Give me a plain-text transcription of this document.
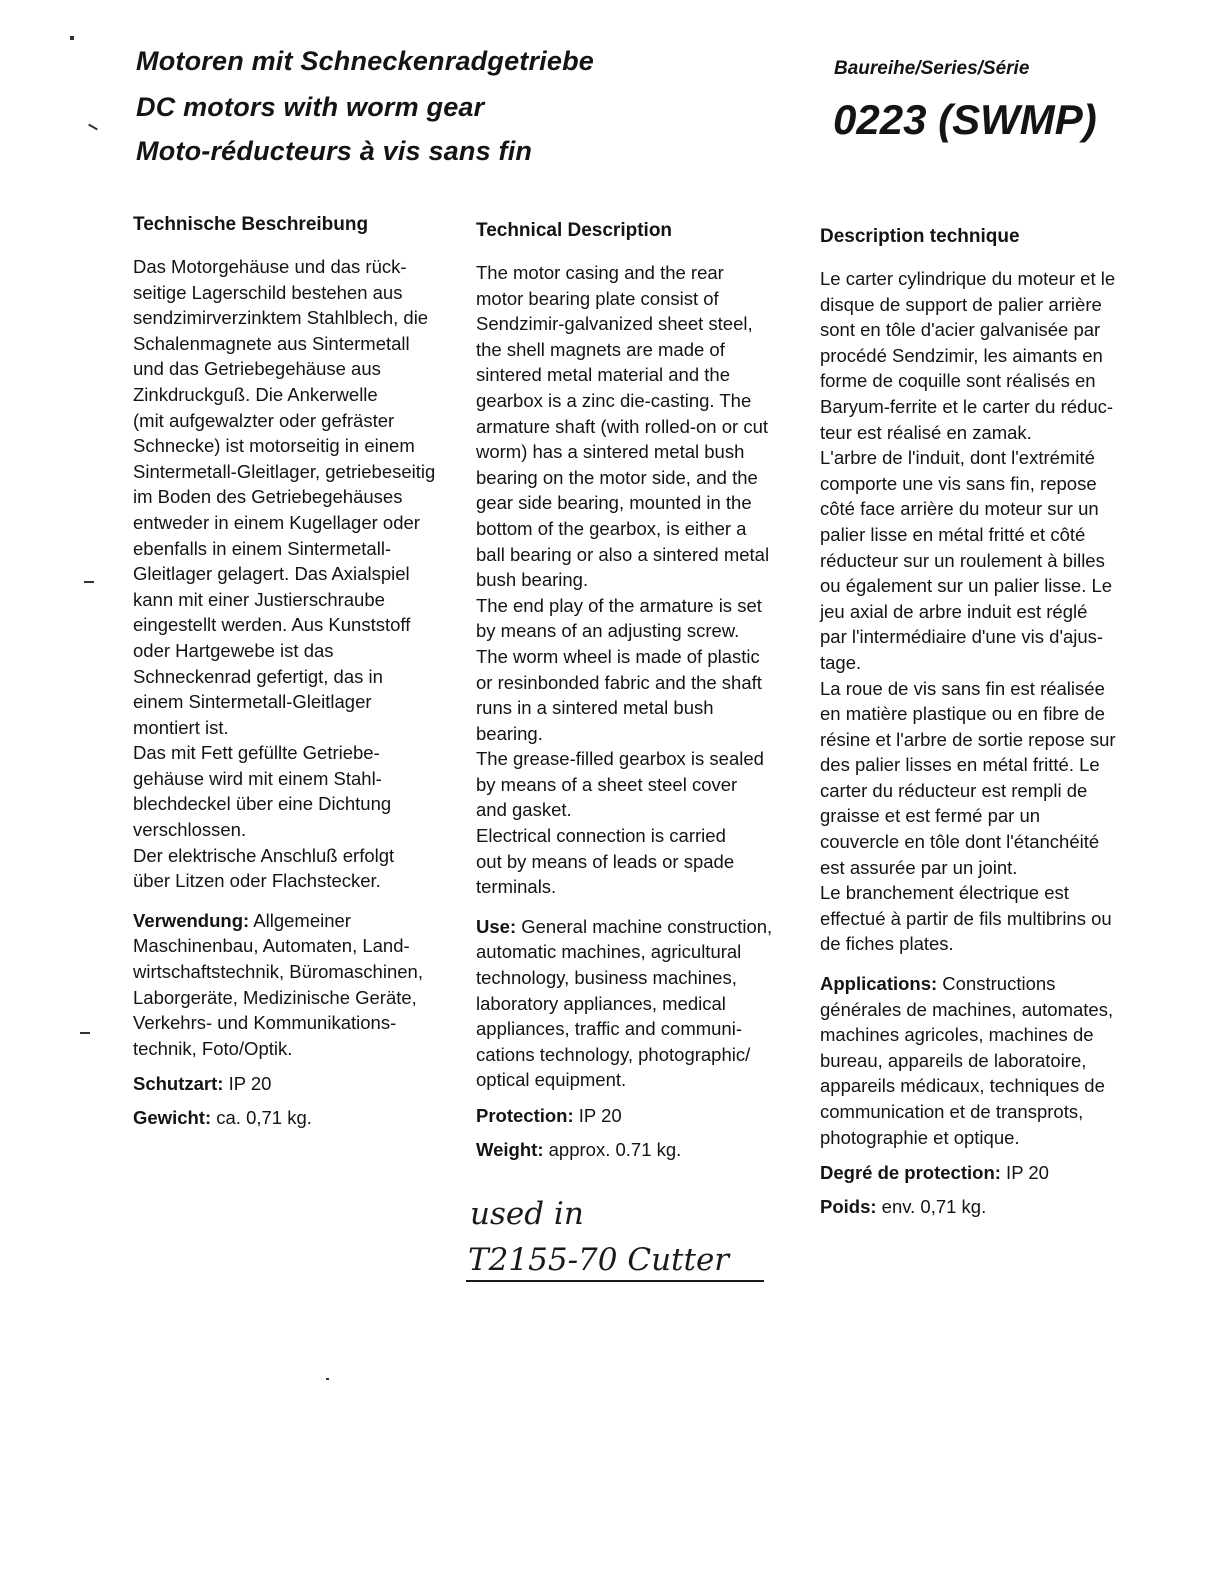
Motoren mit Schneckenradgetriebe
DC motors with worm gear
Moto-réducteurs à vis sans fin
Baureihe/Series/Série
0223 (SWMP)
Technische Beschreibung

Das Motorgehäuse und das rück-
seitige Lagerschild bestehen aus
sendzimirverzinktem Stahlblech, die
Schalenmagnete aus Sintermetall
und das Getriebegehäuse aus
Zinkdruckguß. Die Ankerwelle
(mit aufgewalzter oder gefräster
Schnecke) ist motorseitig in einem
Sintermetall-Gleitlager, getriebeseitig
im Boden des Getriebegehäuses
entweder in einem Kugellager oder
ebenfalls in einem Sintermetall-
Gleitlager gelagert. Das Axialspiel
kann mit einer Justierschraube
eingestellt werden. Aus Kunststoff
oder Hartgewebe ist das
Schneckenrad gefertigt, das in
einem Sintermetall-Gleitlager
montiert ist.
Das mit Fett gefüllte Getriebe-
gehäuse wird mit einem Stahl-
blechdeckel über eine Dichtung
verschlossen.
Der elektrische Anschluß erfolgt
über Litzen oder Flachstecker.

Verwendung: Allgemeiner
Maschinenbau, Automaten, Land-
wirtschaftstechnik, Büromaschinen,
Laborgeräte, Medizinische Geräte,
Verkehrs- und Kommunikations-
technik, Foto/Optik.

Schutzart: IP 20

Gewicht: ca. 0,71 kg.

Technical Description

The motor casing and the rear
motor bearing plate consist of
Sendzimir-galvanized sheet steel,
the shell magnets are made of
sintered metal material and the
gearbox is a zinc die-casting. The
armature shaft (with rolled-on or cut
worm) has a sintered metal bush
bearing on the motor side, and the
gear side bearing, mounted in the
bottom of the gearbox, is either a
ball bearing or also a sintered metal
bush bearing.
The end play of the armature is set
by means of an adjusting screw.
The worm wheel is made of plastic
or resinbonded fabric and the shaft
runs in a sintered metal bush
bearing.
The grease-filled gearbox is sealed
by means of a sheet steel cover
and gasket.
Electrical connection is carried
out by means of leads or spade
terminals.

Use: General machine construction,
automatic machines, agricultural
technology, business machines,
laboratory appliances, medical
appliances, traffic and communi-
cations technology, photographic/
optical equipment.

Protection: IP 20

Weight: approx. 0.71 kg.

Description technique

Le carter cylindrique du moteur et le
disque de support de palier arrière
sont en tôle d'acier galvanisée par
procédé Sendzimir, les aimants en
forme de coquille sont réalisés en
Baryum-ferrite et le carter du réduc-
teur est réalisé en zamak.
L'arbre de l'induit, dont l'extrémité
comporte une vis sans fin, repose
côté face arrière du moteur sur un
palier lisse en métal fritté et côté
réducteur sur un roulement à billes
ou également sur un palier lisse. Le
jeu axial de arbre induit est réglé
par l'intermédiaire d'une vis d'ajus-
tage.
La roue de vis sans fin est réalisée
en matière plastique ou en fibre de
résine et l'arbre de sortie repose sur
des palier lisses en métal fritté. Le
carter du réducteur est rempli de
graisse et est fermé par un
couvercle en tôle dont l'étanchéité
est assurée par un joint.
Le branchement électrique est
effectué à partir de fils multibrins ou
de fiches plates.

Applications: Constructions
générales de machines, automates,
machines agricoles, machines de
bureau, appareils de laboratoire,
appareils médicaux, techniques de
communication et de transprots,
photographie et optique.

Degré de protection: IP 20

Poids: env. 0,71 kg.

used in
T2155-70 Cutter
